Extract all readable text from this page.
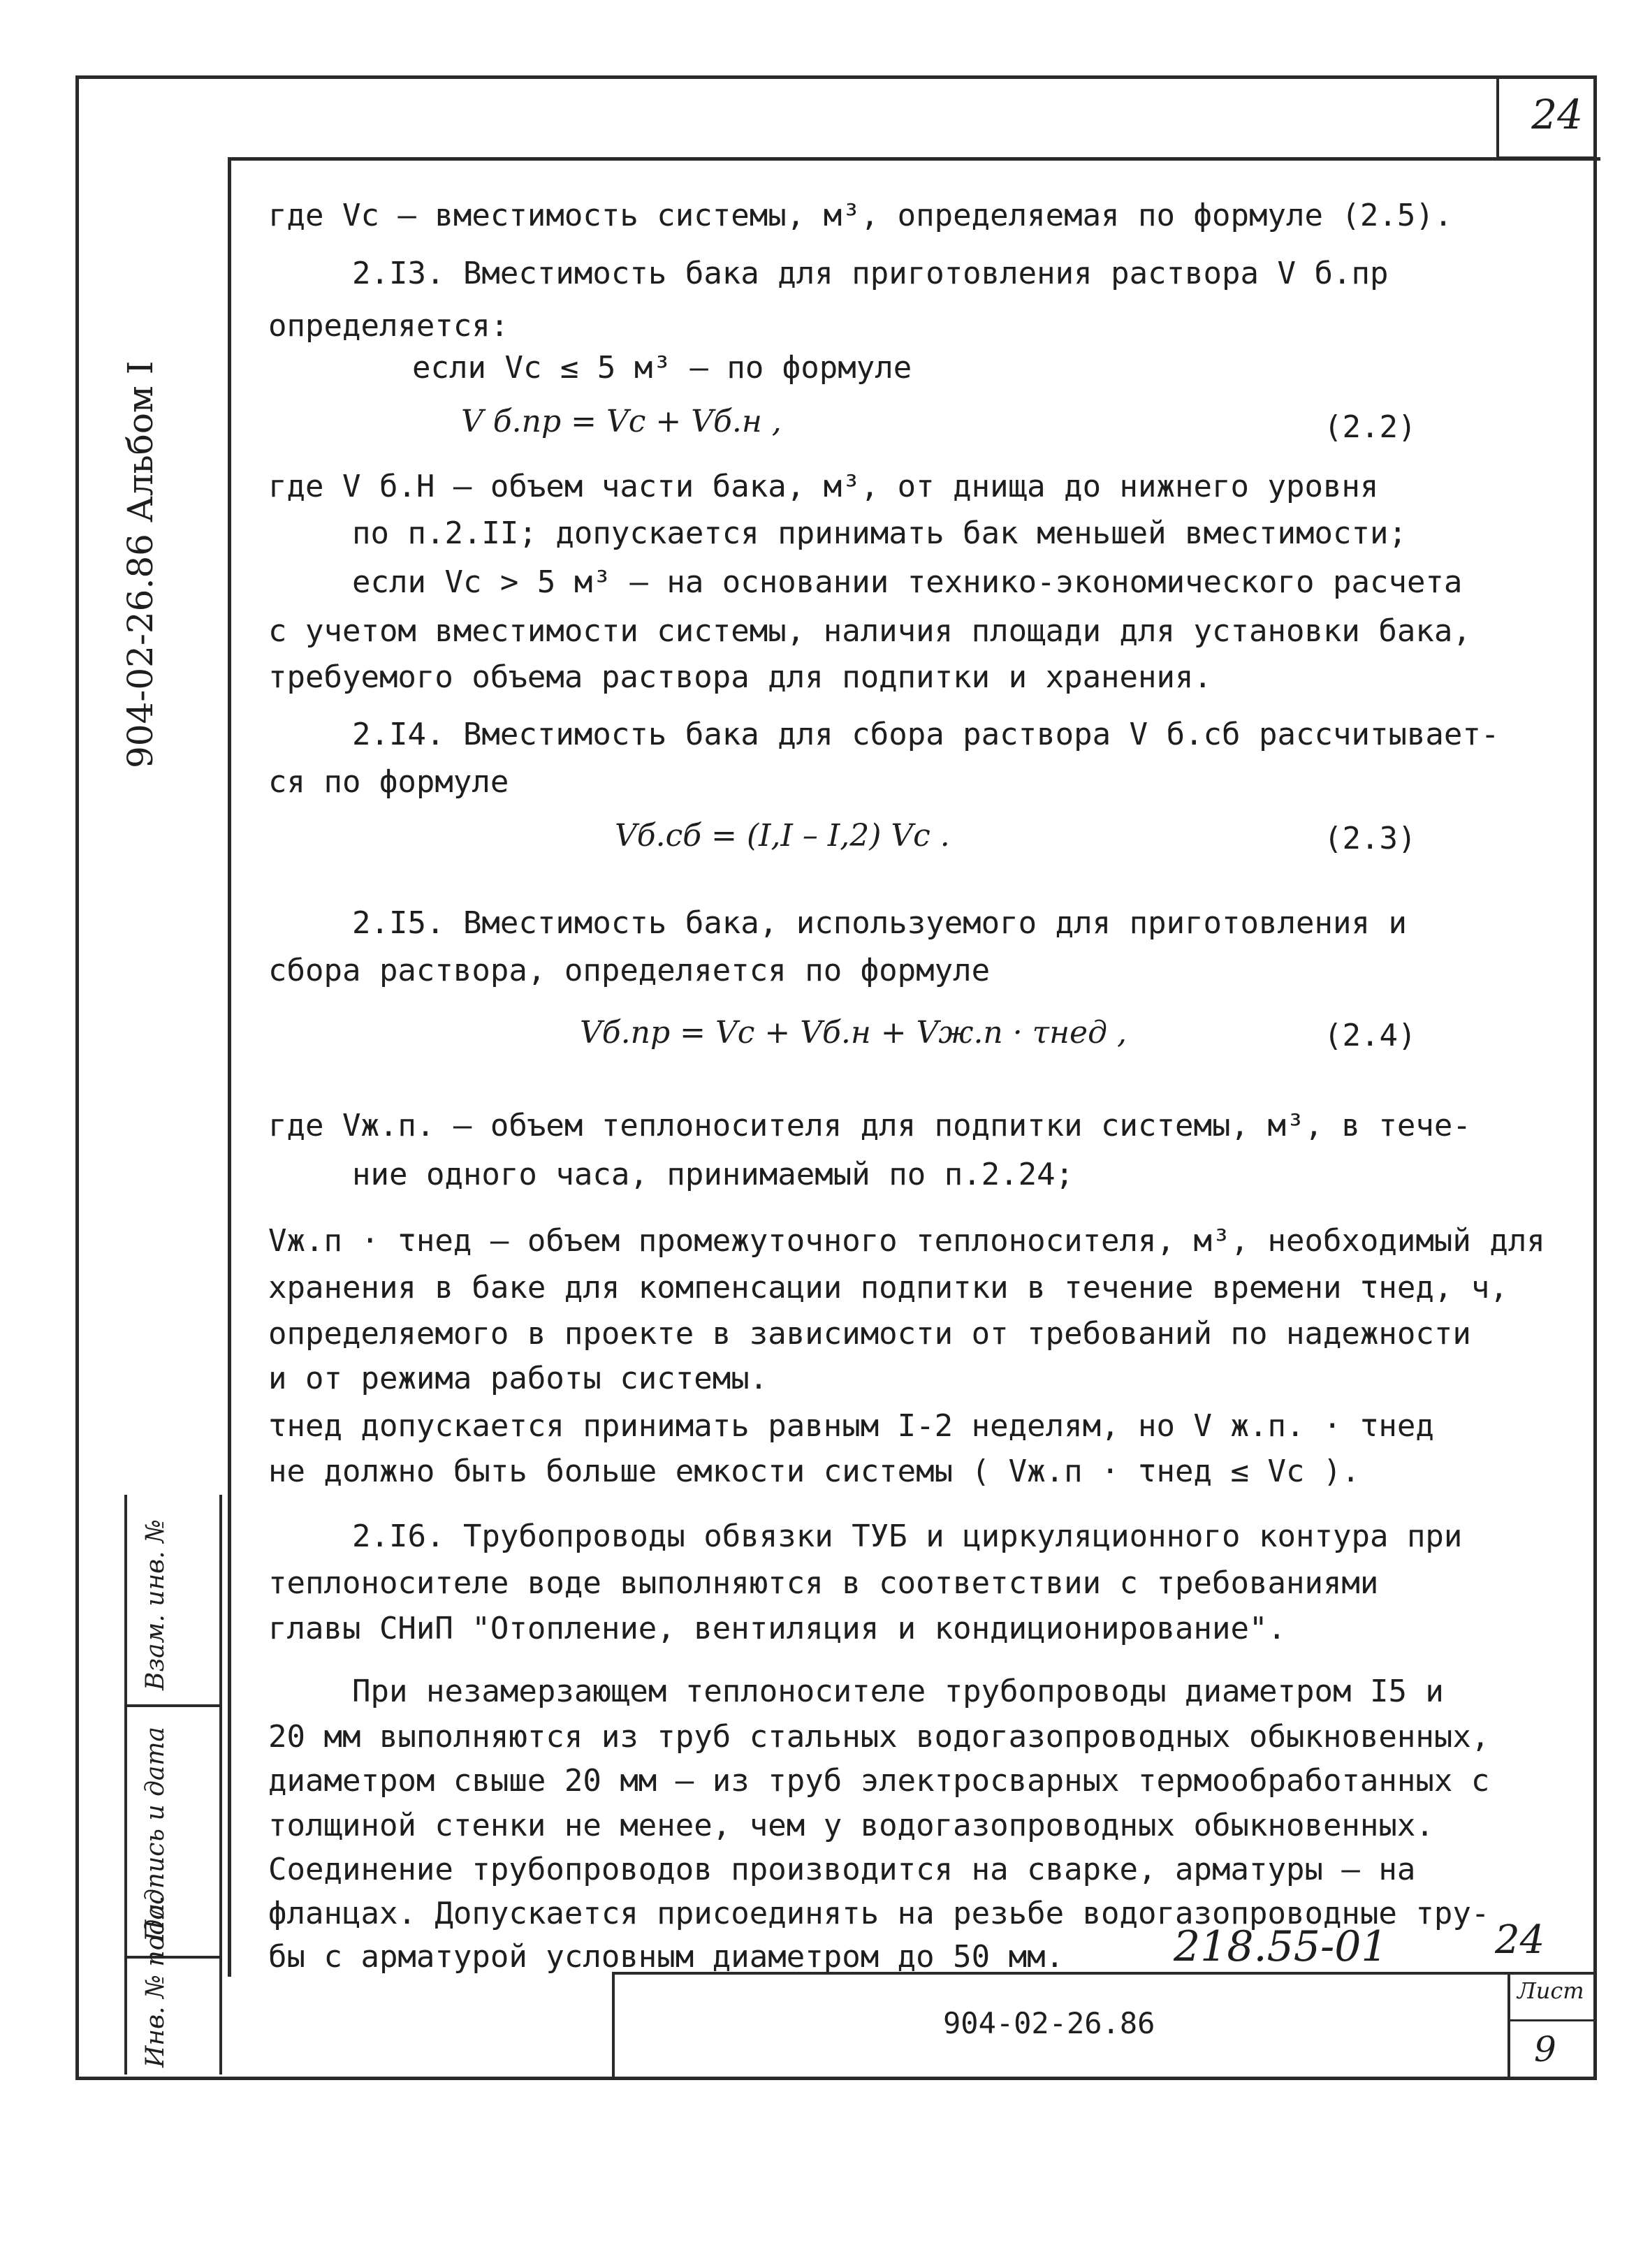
24
904-02-26.86 Альбом I
Взам. инв. №
Подпись и дата
Инв. № подл.
где Vc – вместимость системы, м³, определяемая по формуле (2.5).
2.I3. Вместимость бака для приготовления раствора V б.пр
определяется:
если Vc ≤ 5 м³ – по формуле
V б.пр = Vc + Vб.н ,	(2.2)
где V б.Н – объем части бака, м³, от днища до нижнего уровня
по п.2.II; допускается принимать бак меньшей вместимости;
если Vc > 5 м³ – на основании технико-экономического расчета
с учетом вместимости системы, наличия площади для установки бака,
требуемого объема раствора для подпитки и хранения.
2.I4. Вместимость бака для сбора раствора V б.сб рассчитывает-
ся по формуле
Vб.сб = (I,I – I,2) Vc .	(2.3)
2.I5. Вместимость бака, используемого для приготовления и
сбора раствора, определяется по формуле
Vб.пр = Vc + Vб.н + Vж.п · τнед ,	(2.4)
где Vж.п. – объем теплоносителя для подпитки системы, м³, в тече-
ние одного часа, принимаемый по п.2.24;
Vж.п · τнед – объем промежуточного теплоносителя, м³, необходимый для
хранения в баке для компенсации подпитки в течение времени τнед, ч,
определяемого в проекте в зависимости от требований по надежности
и от режима работы системы.
τнед допускается принимать равным I-2 неделям, но V ж.п. · τнед
не должно быть больше емкости системы ( Vж.п · τнед ≤ Vc ).
2.I6. Трубопроводы обвязки ТУБ и циркуляционного контура при
теплоносителе воде выполняются в соответствии с требованиями
главы СНиП "Отопление, вентиляция и кондиционирование".
При незамерзающем теплоносителе трубопроводы диаметром I5 и
20 мм выполняются из труб стальных водогазопроводных обыкновенных,
диаметром свыше 20 мм – из труб электросварных термообработанных с
толщиной стенки не менее, чем у водогазопроводных обыкновенных.
Соединение трубопроводов производится на сварке, арматуры – на
фланцах. Допускается присоединять на резьбе водогазопроводные тру-
бы с арматурой условным диаметром до 50 мм.	218.55-01	24
904-02-26.86
Лист
9
